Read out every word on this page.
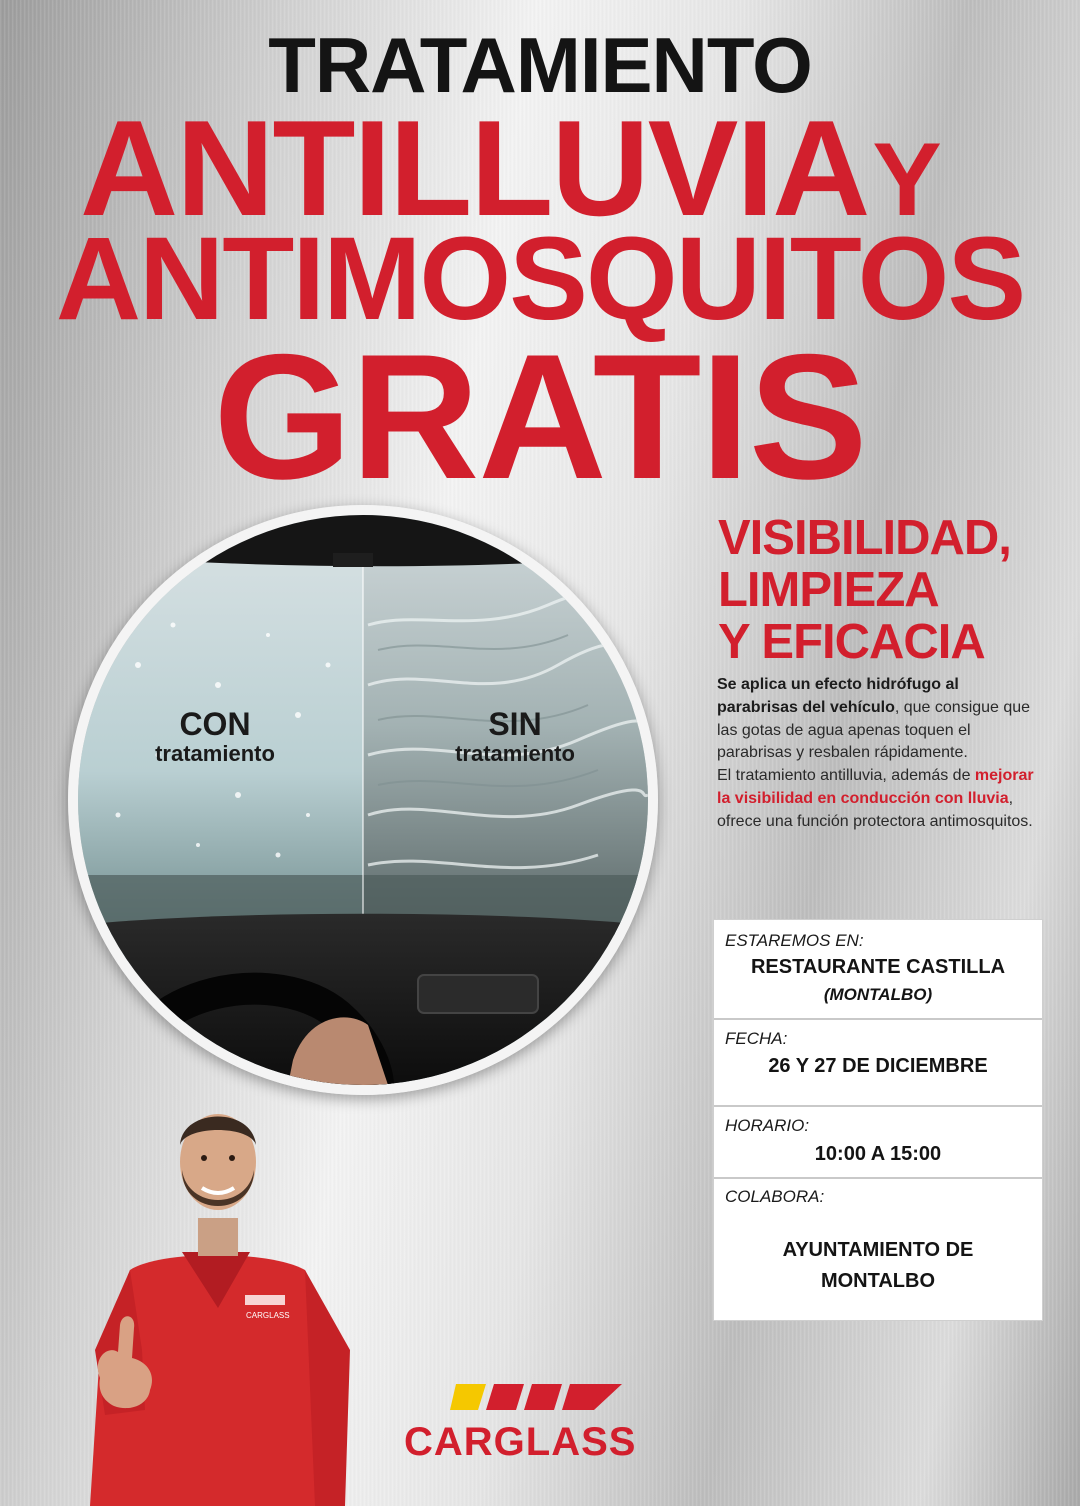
TRATAMIENTO
ANTILLUVIAY
ANTIMOSQUITOS
GRATIS
CON
tratamiento
SIN
tratamiento
VISIBILIDAD,
LIMPIEZA
Y EFICACIA
Se aplica un efecto hidrófugo al parabrisas del vehículo, que consigue que las gotas de agua apenas toquen el parabrisas y resbalen rápidamente.
El tratamiento antilluvia, además de mejorar la visibilidad en conducción con lluvia, ofrece una función protectora antimosquitos.
ESTAREMOS EN:
RESTAURANTE CASTILLA
(MONTALBO)
FECHA:
26 Y 27 DE DICIEMBRE
HORARIO:
10:00 A 15:00
COLABORA:
AYUNTAMIENTO DE
MONTALBO
CARGLASS
CARGLASS
